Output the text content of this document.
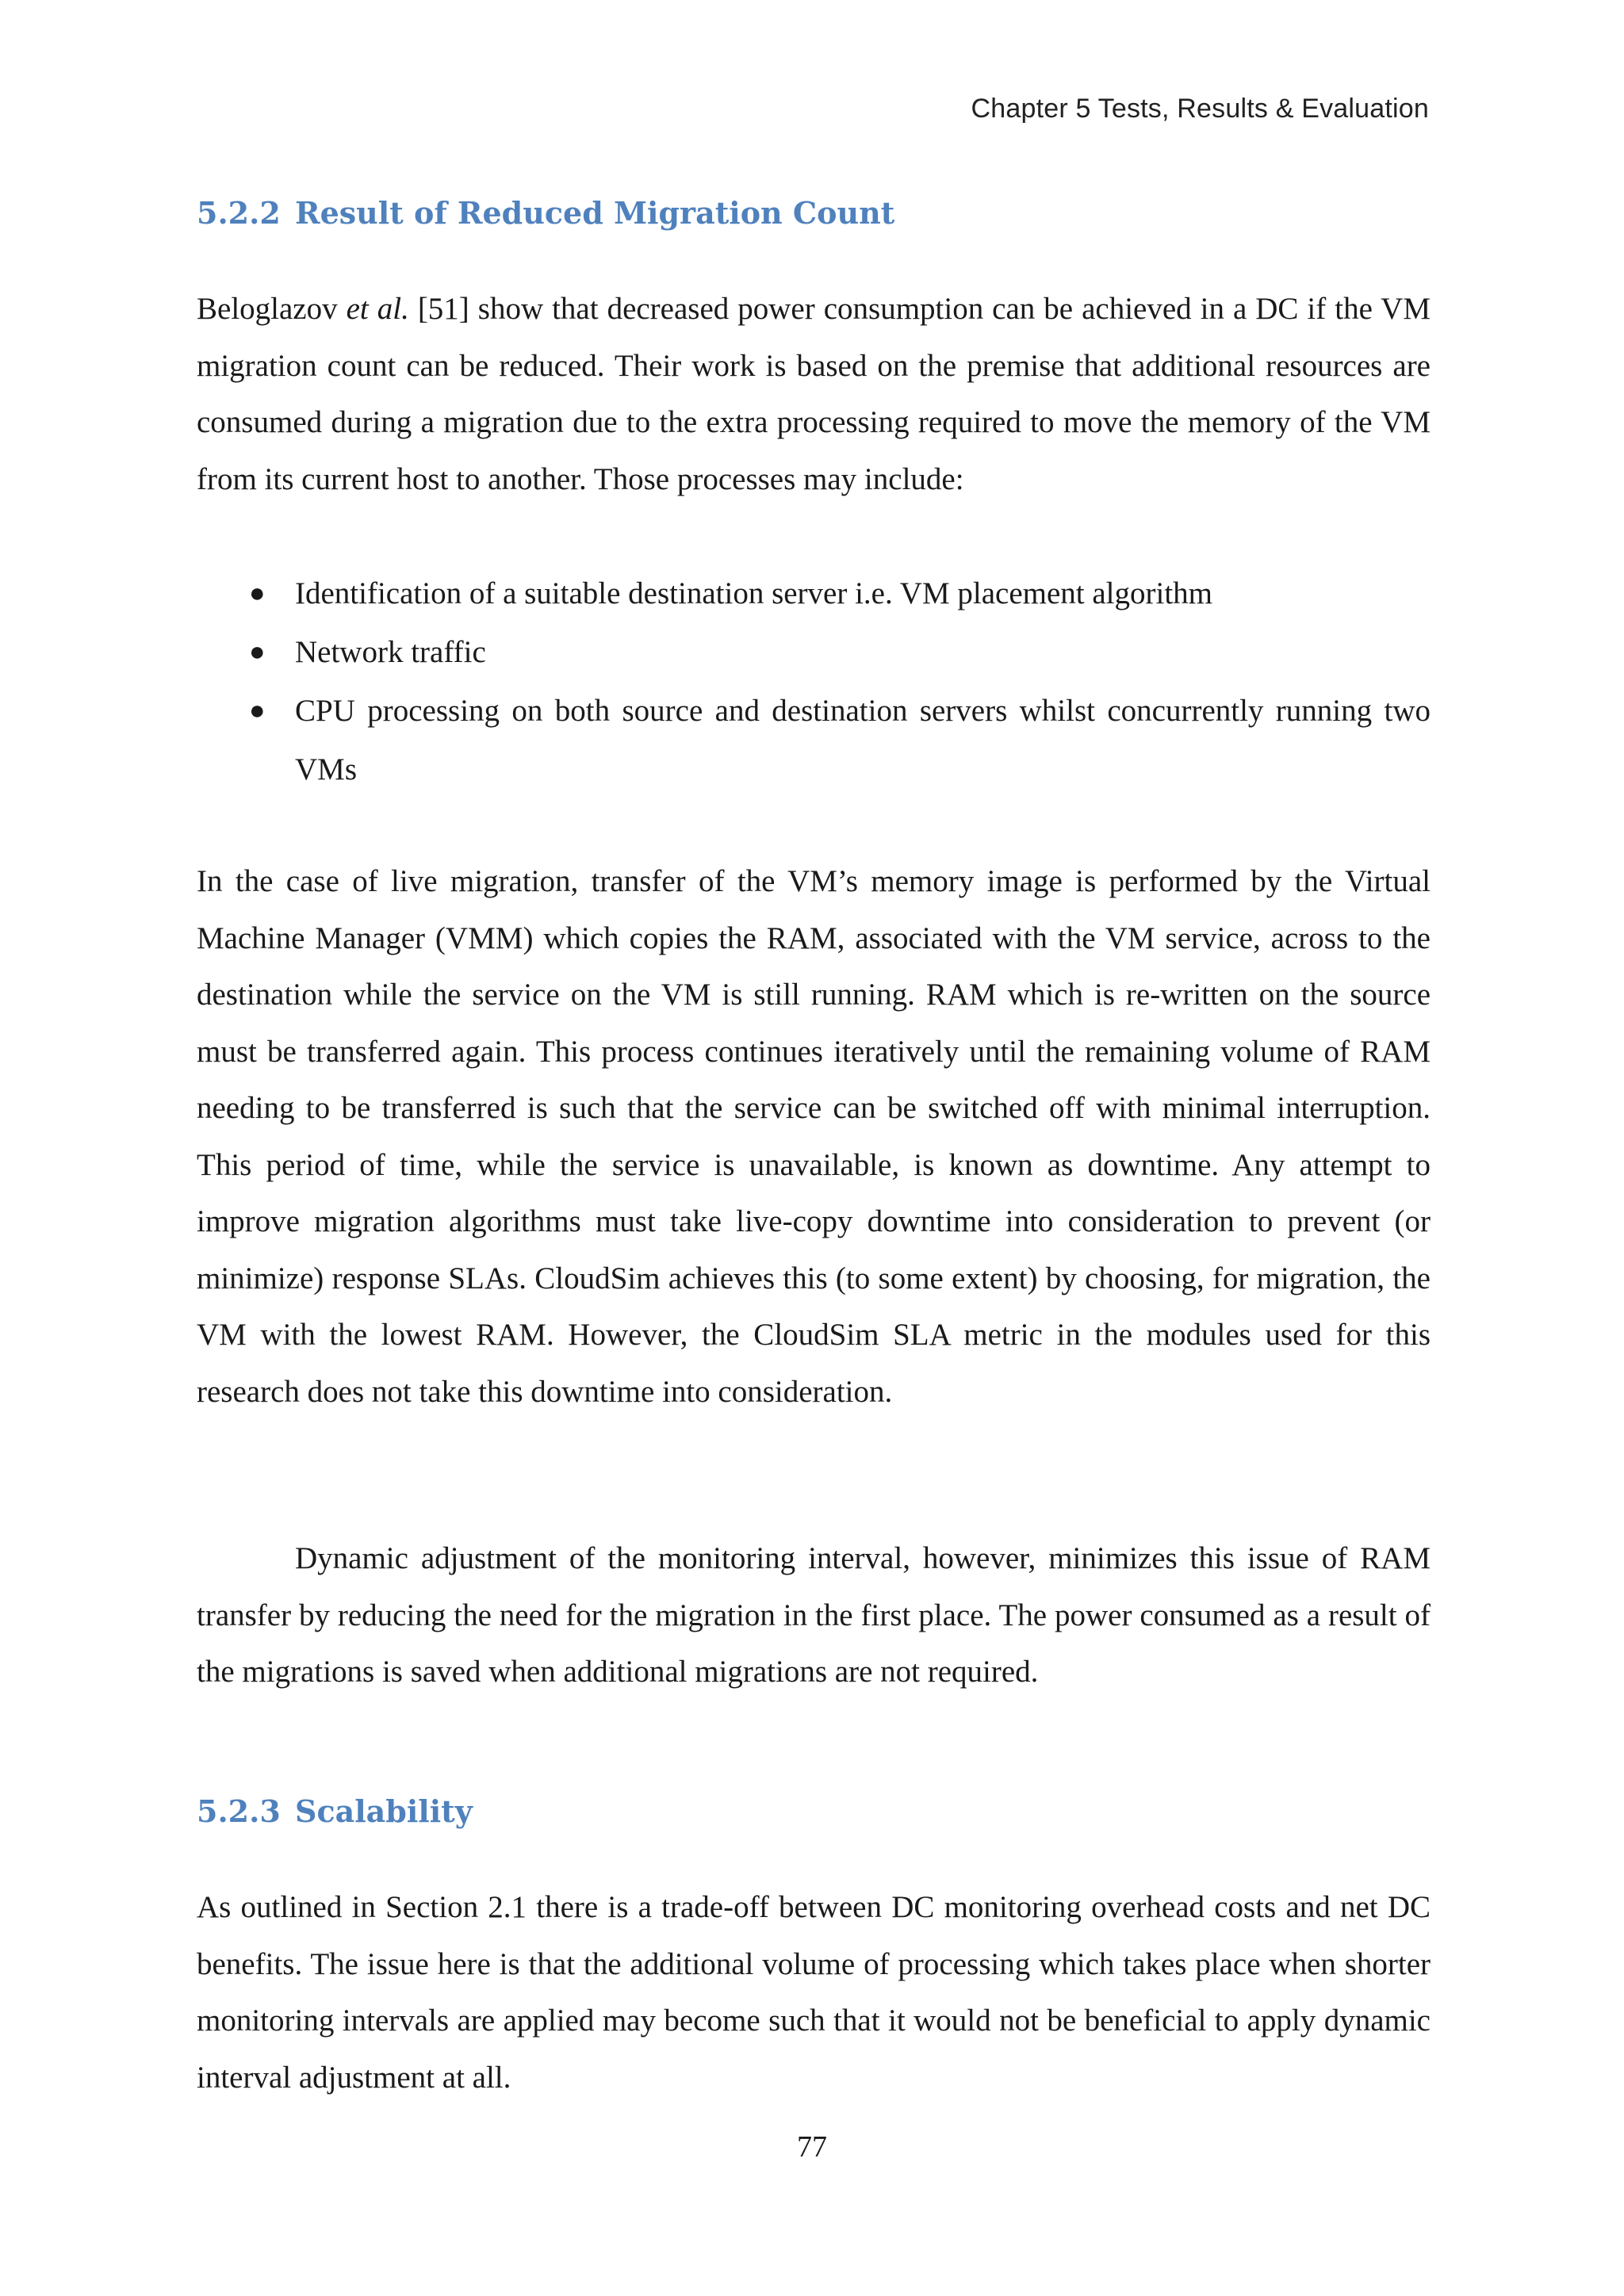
Chapter 5 Tests, Results & Evaluation
5.2.2 Result of Reduced Migration Count

Beloglazov et al. [51] show that decreased power consumption can be achieved in a DC if the VM migration count can be reduced. Their work is based on the premise that additional resources are consumed during a migration due to the extra processing required to move the memory of the VM from its current host to another. Those processes may include:

● Identification of a suitable destination server i.e. VM placement algorithm
● Network traffic
● CPU processing on both source and destination servers whilst concurrently running two VMs

In the case of live migration, transfer of the VM’s memory image is performed by the Virtual Machine Manager (VMM) which copies the RAM, associated with the VM service, across to the destination while the service on the VM is still running. RAM which is re-written on the source must be transferred again. This process continues iteratively until the remaining volume of RAM needing to be transferred is such that the service can be switched off with minimal interruption. This period of time, while the service is unavailable, is known as downtime. Any attempt to improve migration algorithms must take live-copy downtime into consideration to prevent (or minimize) response SLAs. CloudSim achieves this (to some extent) by choosing, for migration, the VM with the lowest RAM. However, the CloudSim SLA metric in the modules used for this research does not take this downtime into consideration.

Dynamic adjustment of the monitoring interval, however, minimizes this issue of RAM transfer by reducing the need for the migration in the first place. The power consumed as a result of the migrations is saved when additional migrations are not required.

5.2.3 Scalability

As outlined in Section 2.1 there is a trade-off between DC monitoring overhead costs and net DC benefits. The issue here is that the additional volume of processing which takes place when shorter monitoring intervals are applied may become such that it would not be beneficial to apply dynamic interval adjustment at all.

77
